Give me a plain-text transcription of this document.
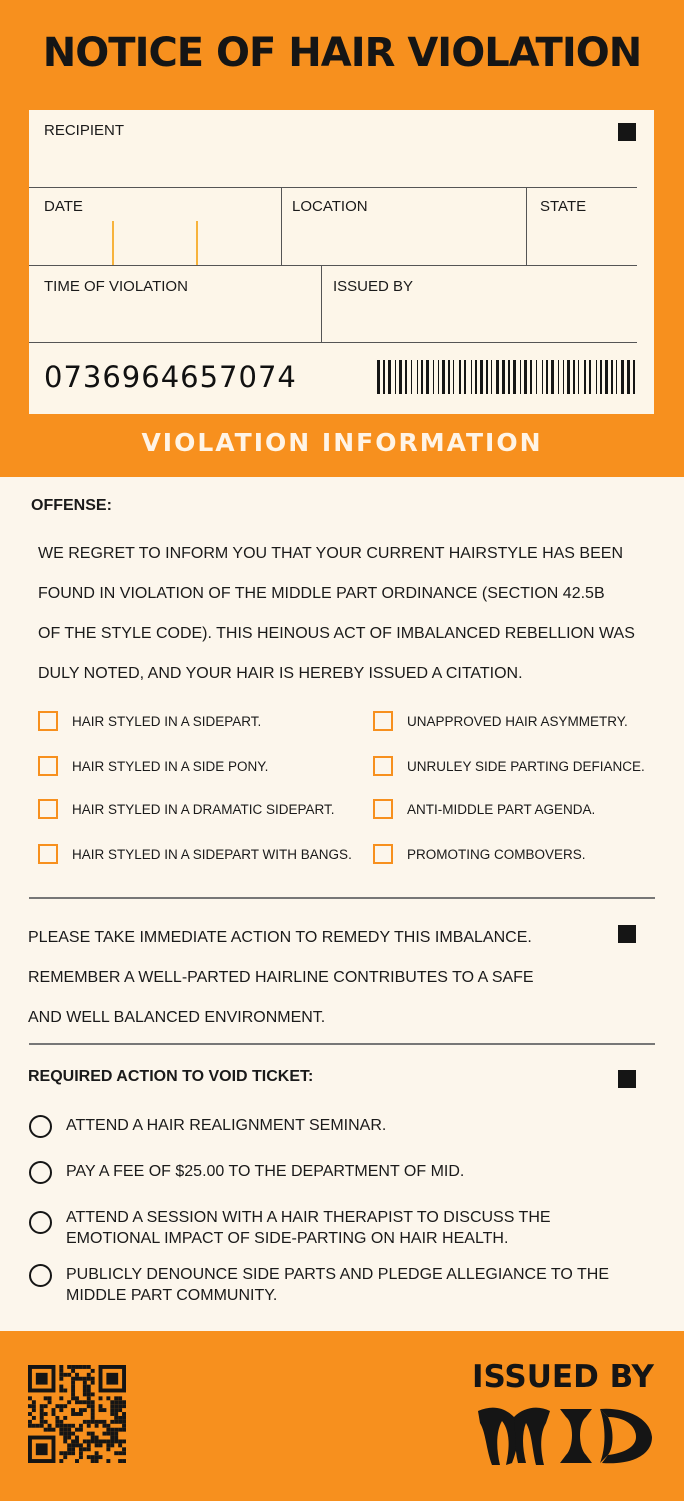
NOTICE OF HAIR VIOLATION
RECIPIENT
DATE	LOCATION	STATE
TIME OF VIOLATION	ISSUED BY
0736964657074
VIOLATION INFORMATION
OFFENSE:
WE REGRET TO INFORM YOU THAT YOUR CURRENT HAIRSTYLE HAS BEEN
FOUND IN VIOLATION OF THE MIDDLE PART ORDINANCE (SECTION 42.5B
OF THE STYLE CODE). THIS HEINOUS ACT OF IMBALANCED REBELLION WAS
DULY NOTED, AND YOUR HAIR IS HEREBY ISSUED A CITATION.
HAIR STYLED IN A SIDEPART.
HAIR STYLED IN A SIDE PONY.
HAIR STYLED IN A DRAMATIC SIDEPART.
HAIR STYLED IN A SIDEPART WITH BANGS.
UNAPPROVED HAIR ASYMMETRY.
UNRULEY SIDE PARTING DEFIANCE.
ANTI-MIDDLE PART AGENDA.
PROMOTING COMBOVERS.
PLEASE TAKE IMMEDIATE ACTION TO REMEDY THIS IMBALANCE.
REMEMBER A WELL-PARTED HAIRLINE CONTRIBUTES TO A SAFE
AND WELL BALANCED ENVIRONMENT.
REQUIRED ACTION TO VOID TICKET:
ATTEND A HAIR REALIGNMENT SEMINAR.
PAY A FEE OF $25.00 TO THE DEPARTMENT OF MID.
ATTEND A SESSION WITH A HAIR THERAPIST TO DISCUSS THE EMOTIONAL IMPACT OF SIDE-PARTING ON HAIR HEALTH.
PUBLICLY DENOUNCE SIDE PARTS AND PLEDGE ALLEGIANCE TO THE MIDDLE PART COMMUNITY.
ISSUED BY
